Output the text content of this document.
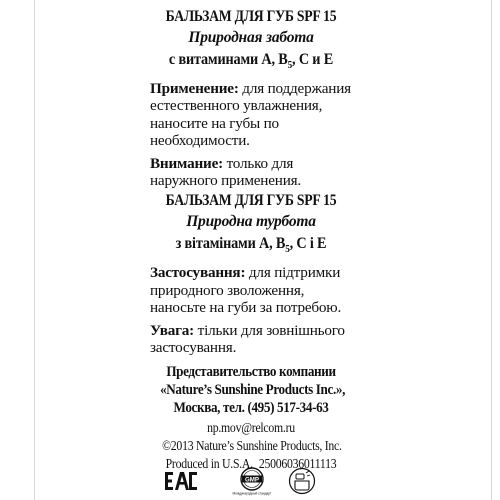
БАЛЬЗАМ ДЛЯ ГУБ SPF 15
Природная забота
с витаминами А, $В_5$, С и Е
Применение: для поддержания естественного увлажнения, наносите на губы по необходимости.
Внимание: только для наружного применения.
БАЛЬЗАМ ДЛЯ ГУБ SPF 15
Природна турбота
з вітамінами А, $В_5$, С і Е
Застосування: для підтримки природного зволоження, наносьте на губи за потребою.
Увага: тільки для зовнішнього застосування.
Представительство компании
«Nature’s Sunshine Products Inc.»,
Москва, тел. (495) 517-34-63
np.mov@relcom.ru
©2013 Nature’s Sunshine Products, Inc.
Produced in U.S.A. 25006036011113
GMP
Международный стандарт
